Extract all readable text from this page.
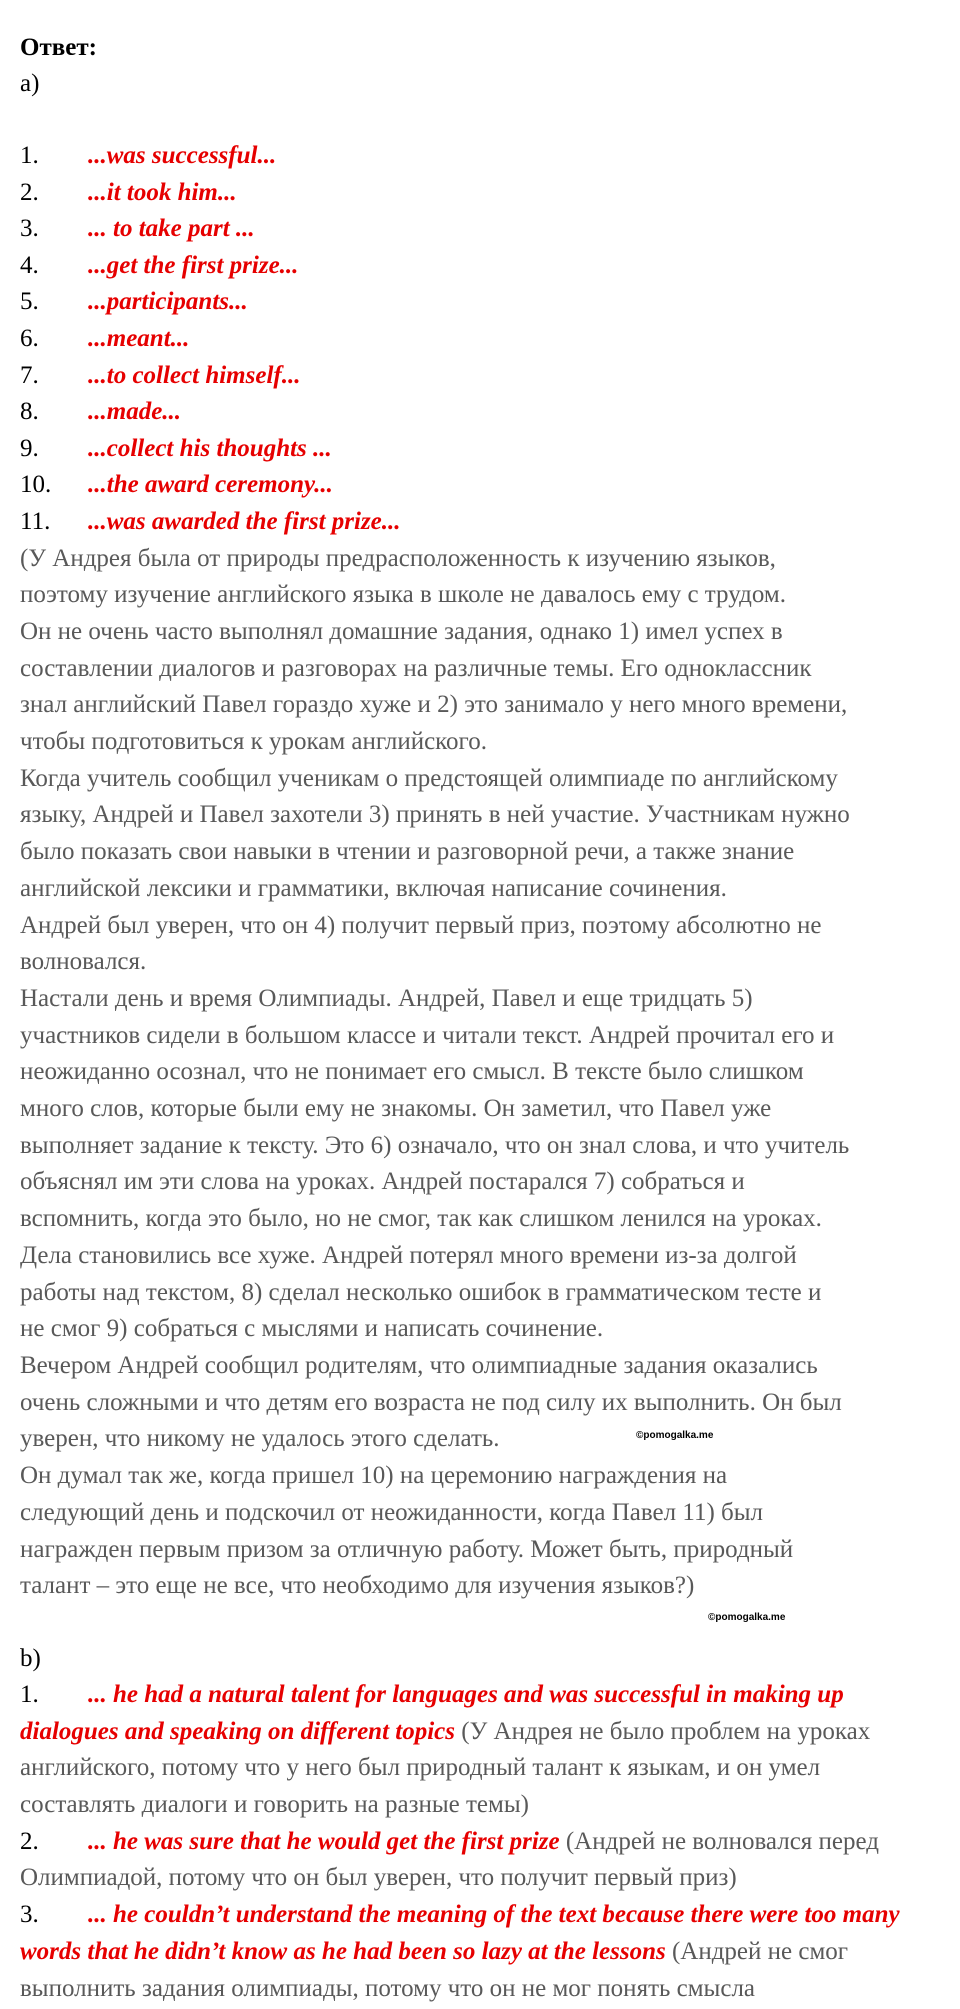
Ответ:
а)
1. ...was successful...
2. ...it took him...
3. ... to take part ...
4. ...get the first prize...
5. ...participants...
6. ...meant...
7. ...to collect himself...
8. ...made...
9. ...collect his thoughts ...
10. ...the award ceremony...
11. ...was awarded the first prize...

(У Андрея была от природы предрасположенность к изучению языков,
поэтому изучение английского языка в школе не давалось ему с трудом.
Он не очень часто выполнял домашние задания, однако 1) имел успех в
составлении диалогов и разговорах на различные темы. Его одноклассник
знал английский Павел гораздо хуже и 2) это занимало у него много времени,
чтобы подготовиться к урокам английского.
Когда учитель сообщил ученикам о предстоящей олимпиаде по английскому
языку, Андрей и Павел захотели 3) принять в ней участие. Участникам нужно
было показать свои навыки в чтении и разговорной речи, а также знание
английской лексики и грамматики, включая написание сочинения.
Андрей был уверен, что он 4) получит первый приз, поэтому абсолютно не
волновался.
Настали день и время Олимпиады. Андрей, Павел и еще тридцать 5)
участников сидели в большом классе и читали текст. Андрей прочитал его и
неожиданно осознал, что не понимает его смысл. В тексте было слишком
много слов, которые были ему не знакомы. Он заметил, что Павел уже
выполняет задание к тексту. Это 6) означало, что он знал слова, и что учитель
объяснял им эти слова на уроках. Андрей постарался 7) собраться и
вспомнить, когда это было, но не смог, так как слишком ленился на уроках.
Дела становились все хуже. Андрей потерял много времени из-за долгой
работы над текстом, 8) сделал несколько ошибок в грамматическом тесте и
не смог 9) собраться с мыслями и написать сочинение.
Вечером Андрей сообщил родителям, что олимпиадные задания оказались
очень сложными и что детям его возраста не под силу их выполнить. Он был
уверен, что никому не удалось этого сделать.
Он думал так же, когда пришел 10) на церемонию награждения на
следующий день и подскочил от неожиданности, когда Павел 11) был
награжден первым призом за отличную работу. Может быть, природный
талант – это еще не все, что необходимо для изучения языков?)

b)

1. ... he had a natural talent for languages and was successful in making up dialogues and speaking on different topics (У Андрея не было проблем на уроках английского, потому что у него был природный талант к языкам, и он умел составлять диалоги и говорить на разные темы)

2. ... he was sure that he would get the first prize (Андрей не волновался перед Олимпиадой, потому что он был уверен, что получит первый приз)

3. ... he couldn’t understand the meaning of the text because there were too many words that he didn’t know as he had been so lazy at the lessons (Андрей не смог выполнить задания олимпиады, потому что он не мог понять смысла

©pomogalka.me
©pomogalka.me
